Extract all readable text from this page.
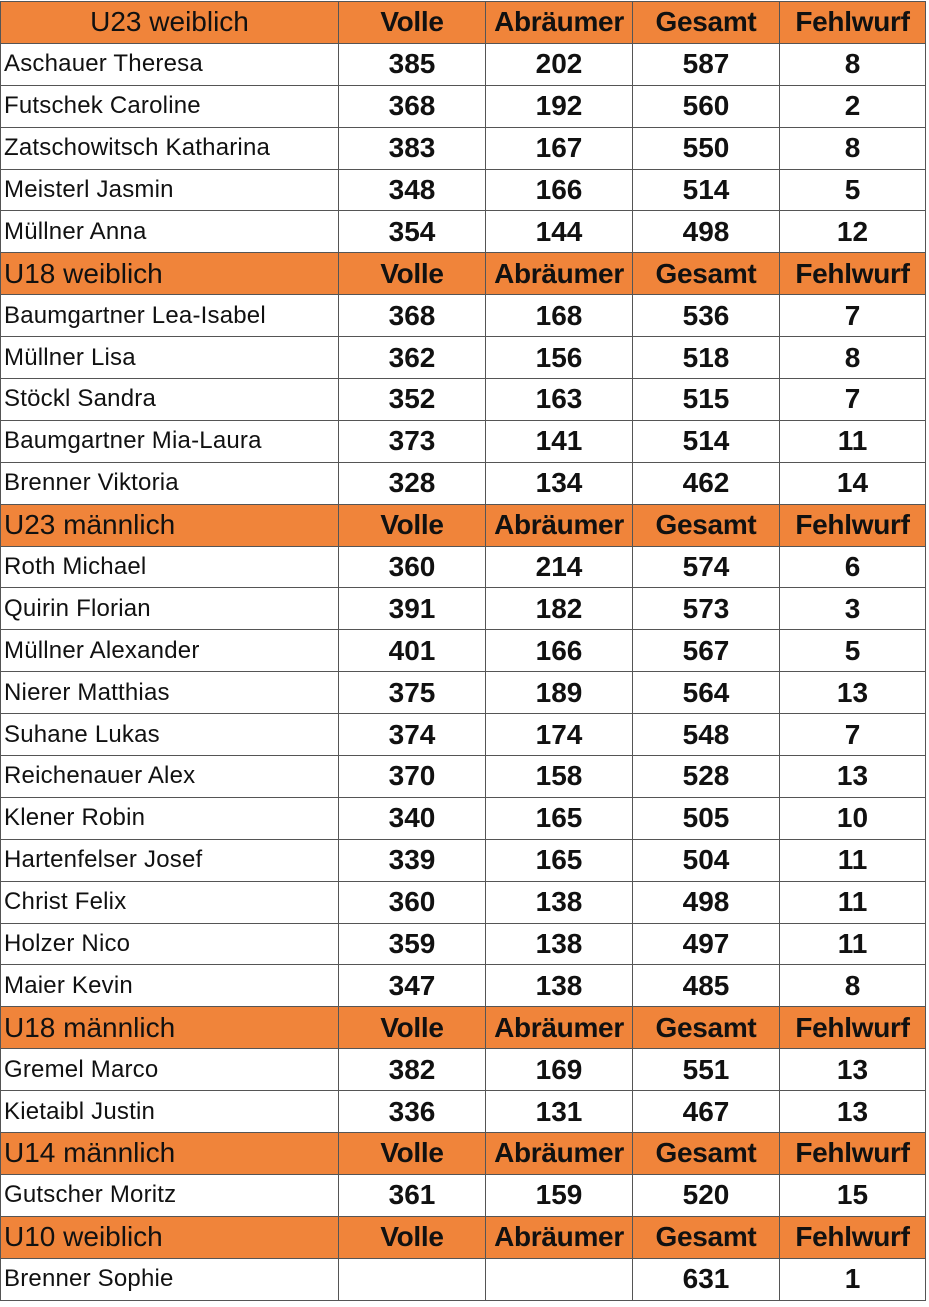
U23 weiblich	Volle	Abräumer	Gesamt	Fehlwurf
Aschauer Theresa	385	202	587	8
Futschek Caroline	368	192	560	2
Zatschowitsch Katharina	383	167	550	8
Meisterl Jasmin	348	166	514	5
Müllner Anna	354	144	498	12
U18 weiblich	Volle	Abräumer	Gesamt	Fehlwurf
Baumgartner Lea-Isabel	368	168	536	7
Müllner Lisa	362	156	518	8
Stöckl Sandra	352	163	515	7
Baumgartner Mia-Laura	373	141	514	11
Brenner Viktoria	328	134	462	14
U23 männlich	Volle	Abräumer	Gesamt	Fehlwurf
Roth Michael	360	214	574	6
Quirin Florian	391	182	573	3
Müllner Alexander	401	166	567	5
Nierer Matthias	375	189	564	13
Suhane Lukas	374	174	548	7
Reichenauer Alex	370	158	528	13
Klener Robin	340	165	505	10
Hartenfelser Josef	339	165	504	11
Christ Felix	360	138	498	11
Holzer Nico	359	138	497	11
Maier Kevin	347	138	485	8
U18 männlich	Volle	Abräumer	Gesamt	Fehlwurf
Gremel Marco	382	169	551	13
Kietaibl Justin	336	131	467	13
U14 männlich	Volle	Abräumer	Gesamt	Fehlwurf
Gutscher Moritz	361	159	520	15
U10 weiblich	Volle	Abräumer	Gesamt	Fehlwurf
Brenner Sophie			631	1
